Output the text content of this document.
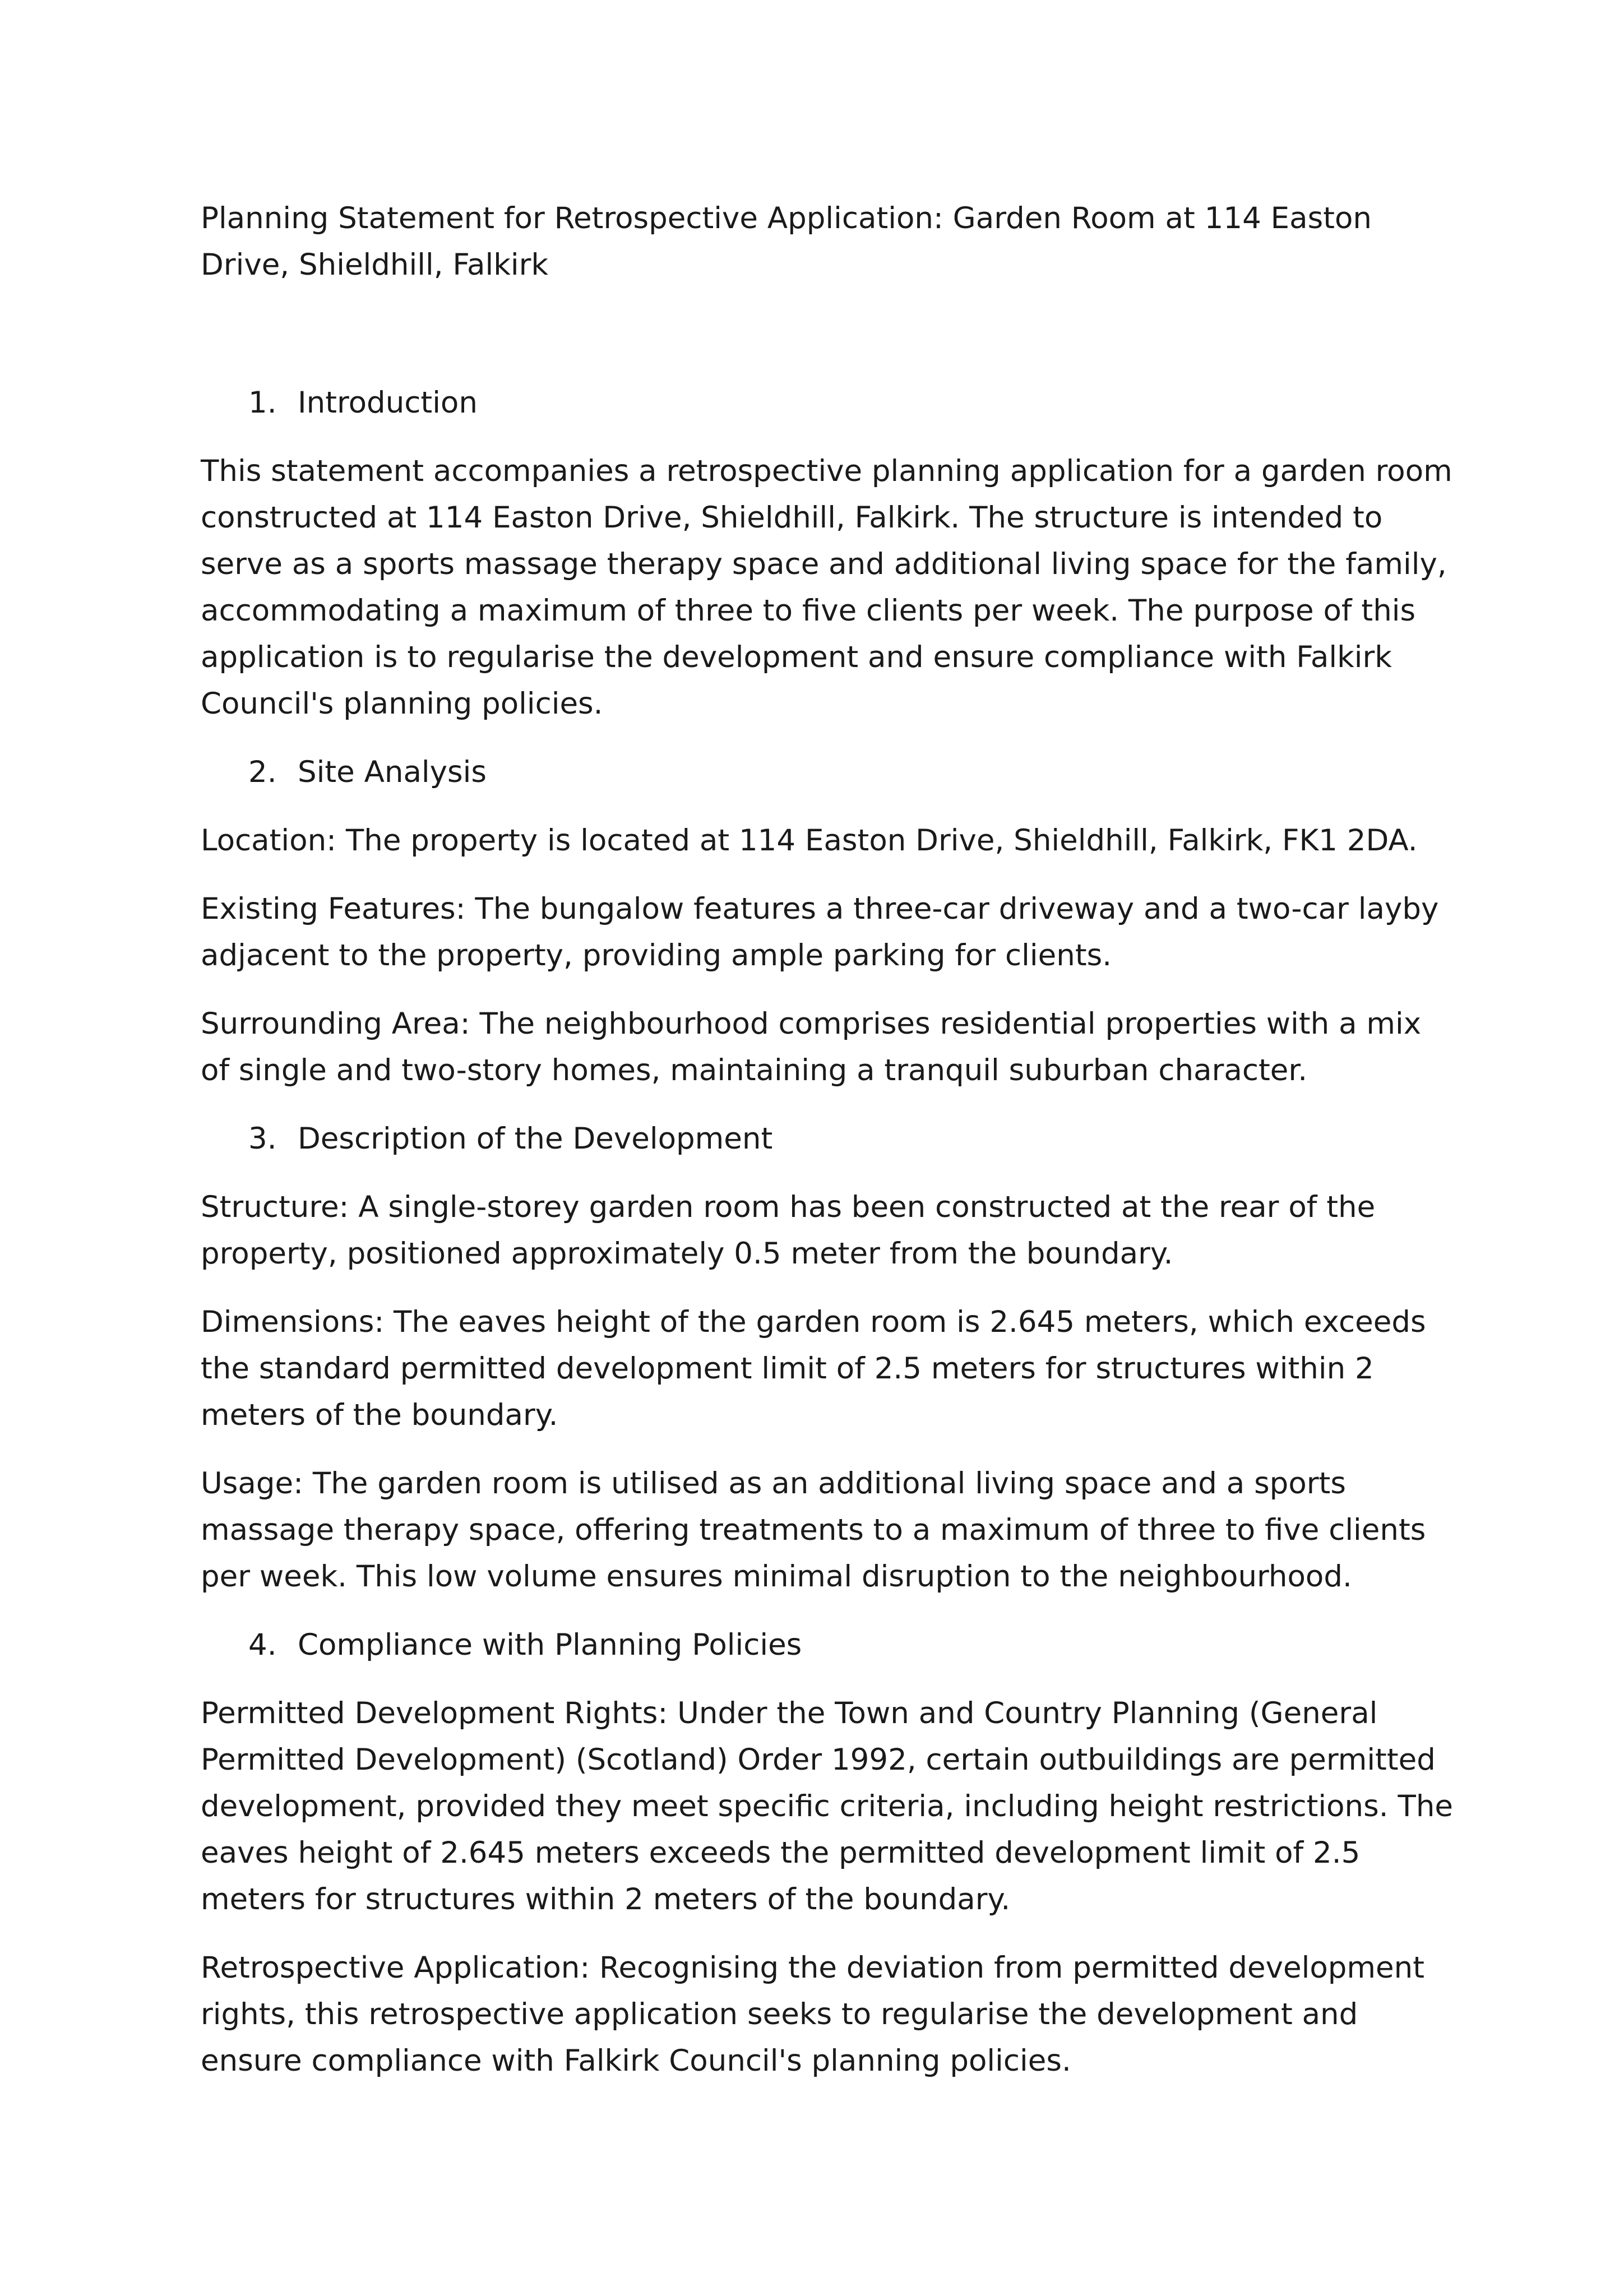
Planning Statement for Retrospective Application: Garden Room at 114 Easton Drive, Shieldhill, Falkirk

1. Introduction

This statement accompanies a retrospective planning application for a garden room constructed at 114 Easton Drive, Shieldhill, Falkirk. The structure is intended to serve as a sports massage therapy space and additional living space for the family, accommodating a maximum of three to five clients per week. The purpose of this application is to regularise the development and ensure compliance with Falkirk Council's planning policies.

2. Site Analysis

Location: The property is located at 114 Easton Drive, Shieldhill, Falkirk, FK1 2DA.

Existing Features: The bungalow features a three-car driveway and a two-car layby adjacent to the property, providing ample parking for clients.

Surrounding Area: The neighbourhood comprises residential properties with a mix of single and two-story homes, maintaining a tranquil suburban character.

3. Description of the Development

Structure: A single-storey garden room has been constructed at the rear of the property, positioned approximately 0.5 meter from the boundary.

Dimensions: The eaves height of the garden room is 2.645 meters, which exceeds the standard permitted development limit of 2.5 meters for structures within 2 meters of the boundary.

Usage: The garden room is utilised as an additional living space and a sports massage therapy space, offering treatments to a maximum of three to five clients per week. This low volume ensures minimal disruption to the neighbourhood.

4. Compliance with Planning Policies

Permitted Development Rights: Under the Town and Country Planning (General Permitted Development) (Scotland) Order 1992, certain outbuildings are permitted development, provided they meet specific criteria, including height restrictions. The eaves height of 2.645 meters exceeds the permitted development limit of 2.5 meters for structures within 2 meters of the boundary.

Retrospective Application: Recognising the deviation from permitted development rights, this retrospective application seeks to regularise the development and ensure compliance with Falkirk Council's planning policies.
